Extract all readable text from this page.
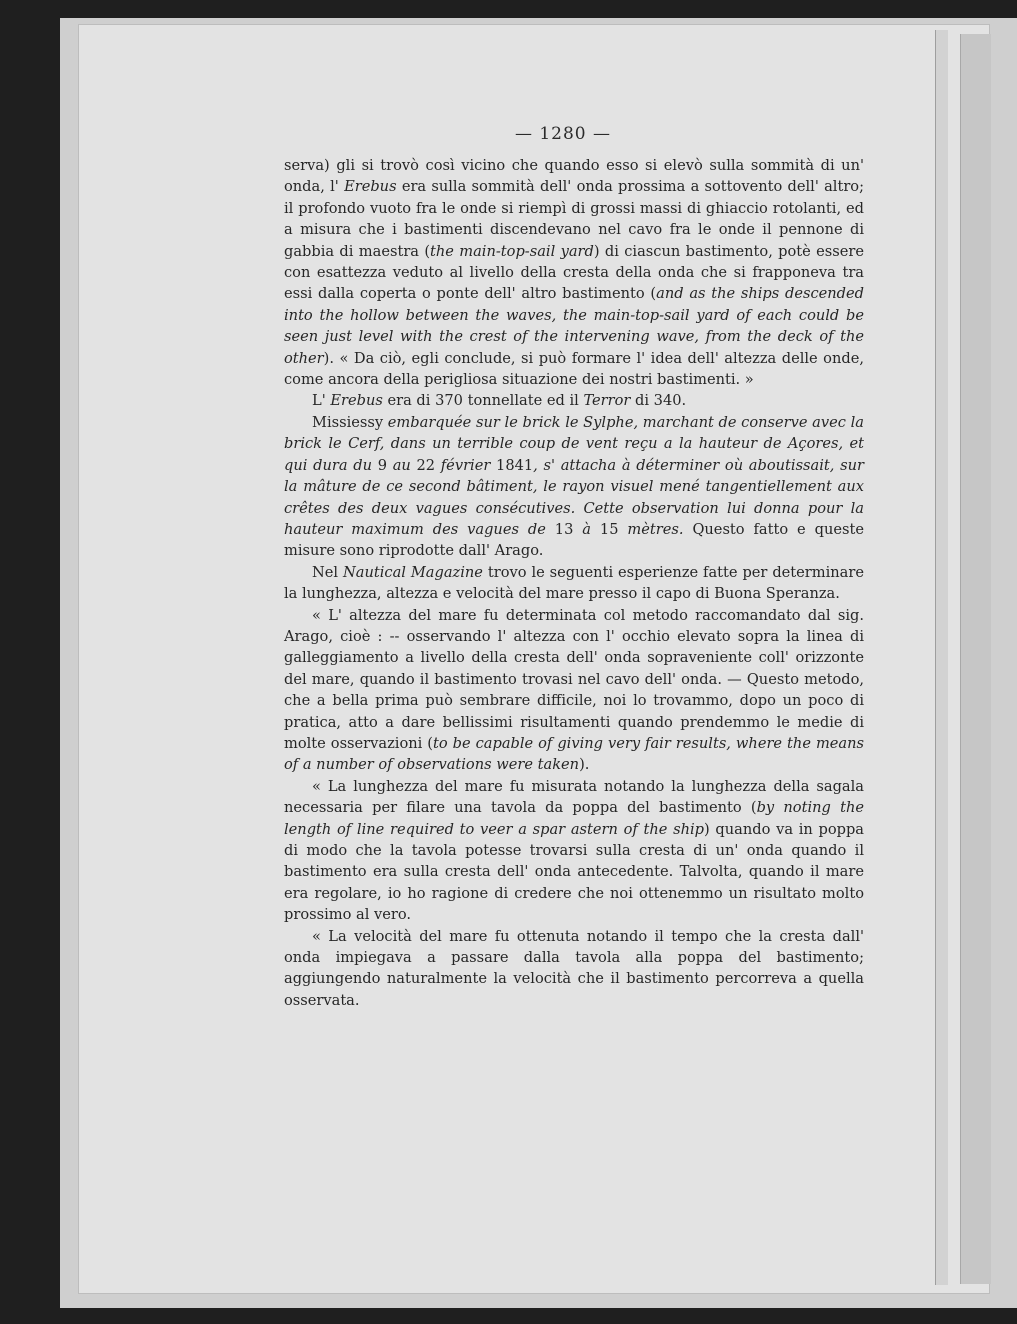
— 1280 —

serva) gli si trovò così vicino che quando esso si elevò sulla sommità di un' onda, l' Erebus era sulla sommità dell' onda prossima a sottovento dell' altro; il profondo vuoto fra le onde si riempì di grossi massi di ghiaccio rotolanti, ed a misura che i bastimenti discendevano nel cavo fra le onde il pennone di gabbia di maestra (the main-top-sail yard) di ciascun bastimento, potè essere con esattezza veduto al livello della cresta della onda che si frapponeva tra essi dalla coperta o ponte dell' altro bastimento (and as the ships descended into the hollow between the waves, the main-top-sail yard of each could be seen just level with the crest of the intervening wave, from the deck of the other). « Da ciò, egli conclude, si può formare l' idea dell' altezza delle onde, come ancora della perigliosa situazione dei nostri bastimenti. »

L' Erebus era di 370 tonnellate ed il Terror di 340.

Missiessy embarquée sur le brick le Sylphe, marchant de conserve avec la brick le Cerf, dans un terrible coup de vent reçu a la hauteur de Açores, et qui dura du 9 au 22 février 1841, s' attacha à déterminer où aboutissait, sur la mâture de ce second bâtiment, le rayon visuel mené tangentiellement aux crêtes des deux vagues consécutives. Cette observation lui donna pour la hauteur maximum des vagues de 13 à 15 mètres. Questo fatto e queste misure sono riprodotte dall' Arago.

Nel Nautical Magazine trovo le seguenti esperienze fatte per determinare la lunghezza, altezza e velocità del mare presso il capo di Buona Speranza.

« L' altezza del mare fu determinata col metodo raccomandato dal sig. Arago, cioè : -- osservando l' altezza con l' occhio elevato sopra la linea di galleggiamento a livello della cresta dell' onda sopraveniente coll' orizzonte del mare, quando il bastimento trovasi nel cavo dell' onda. — Questo metodo, che a bella prima può sembrare difficile, noi lo trovammo, dopo un poco di pratica, atto a dare bellissimi risultamenti quando prendemmo le medie di molte osservazioni (to be capable of giving very fair results, where the means of a number of observations were taken).

« La lunghezza del mare fu misurata notando la lunghezza della sagala necessaria per filare una tavola da poppa del bastimento (by noting the length of line required to veer a spar astern of the ship) quando va in poppa di modo che la tavola potesse trovarsi sulla cresta di un' onda quando il bastimento era sulla cresta dell' onda antecedente. Talvolta, quando il mare era regolare, io ho ragione di credere che noi ottenemmo un risultato molto prossimo al vero.

« La velocità del mare fu ottenuta notando il tempo che la cresta dall' onda impiegava a passare dalla tavola alla poppa del bastimento; aggiungendo naturalmente la velocità che il bastimento percorreva a quella osservata.
